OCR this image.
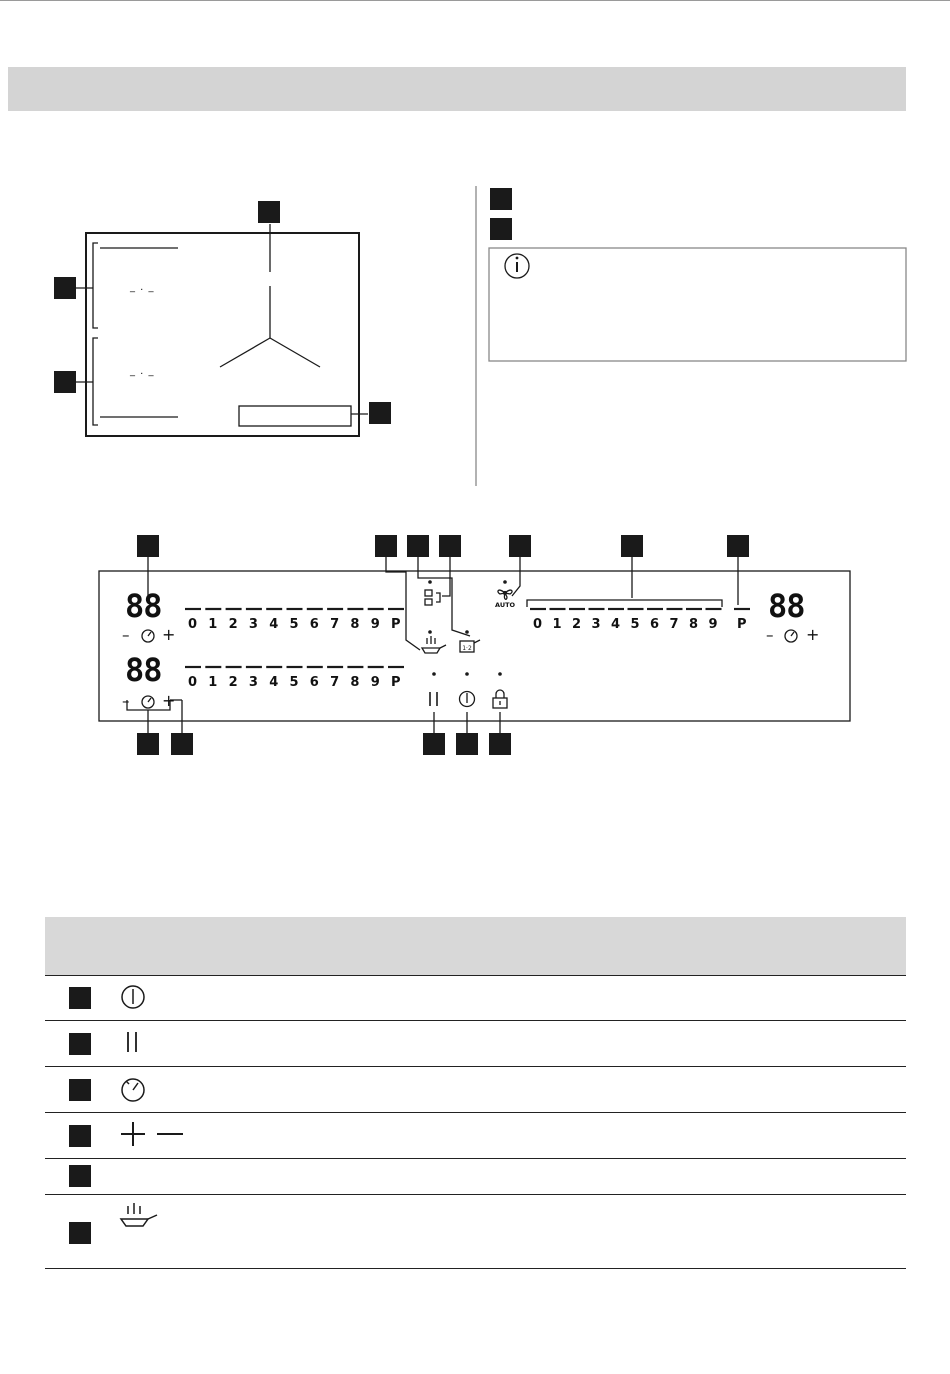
_ . _
_ . _
1·2
88
88
88
– +
– +
– +
AUTO
0 1 2 3 4 5 6 7 8 9 P
0 1 2 3 4 5 6 7 8 9 P
0 1 2 3 4 5 6 7 8 9 P
